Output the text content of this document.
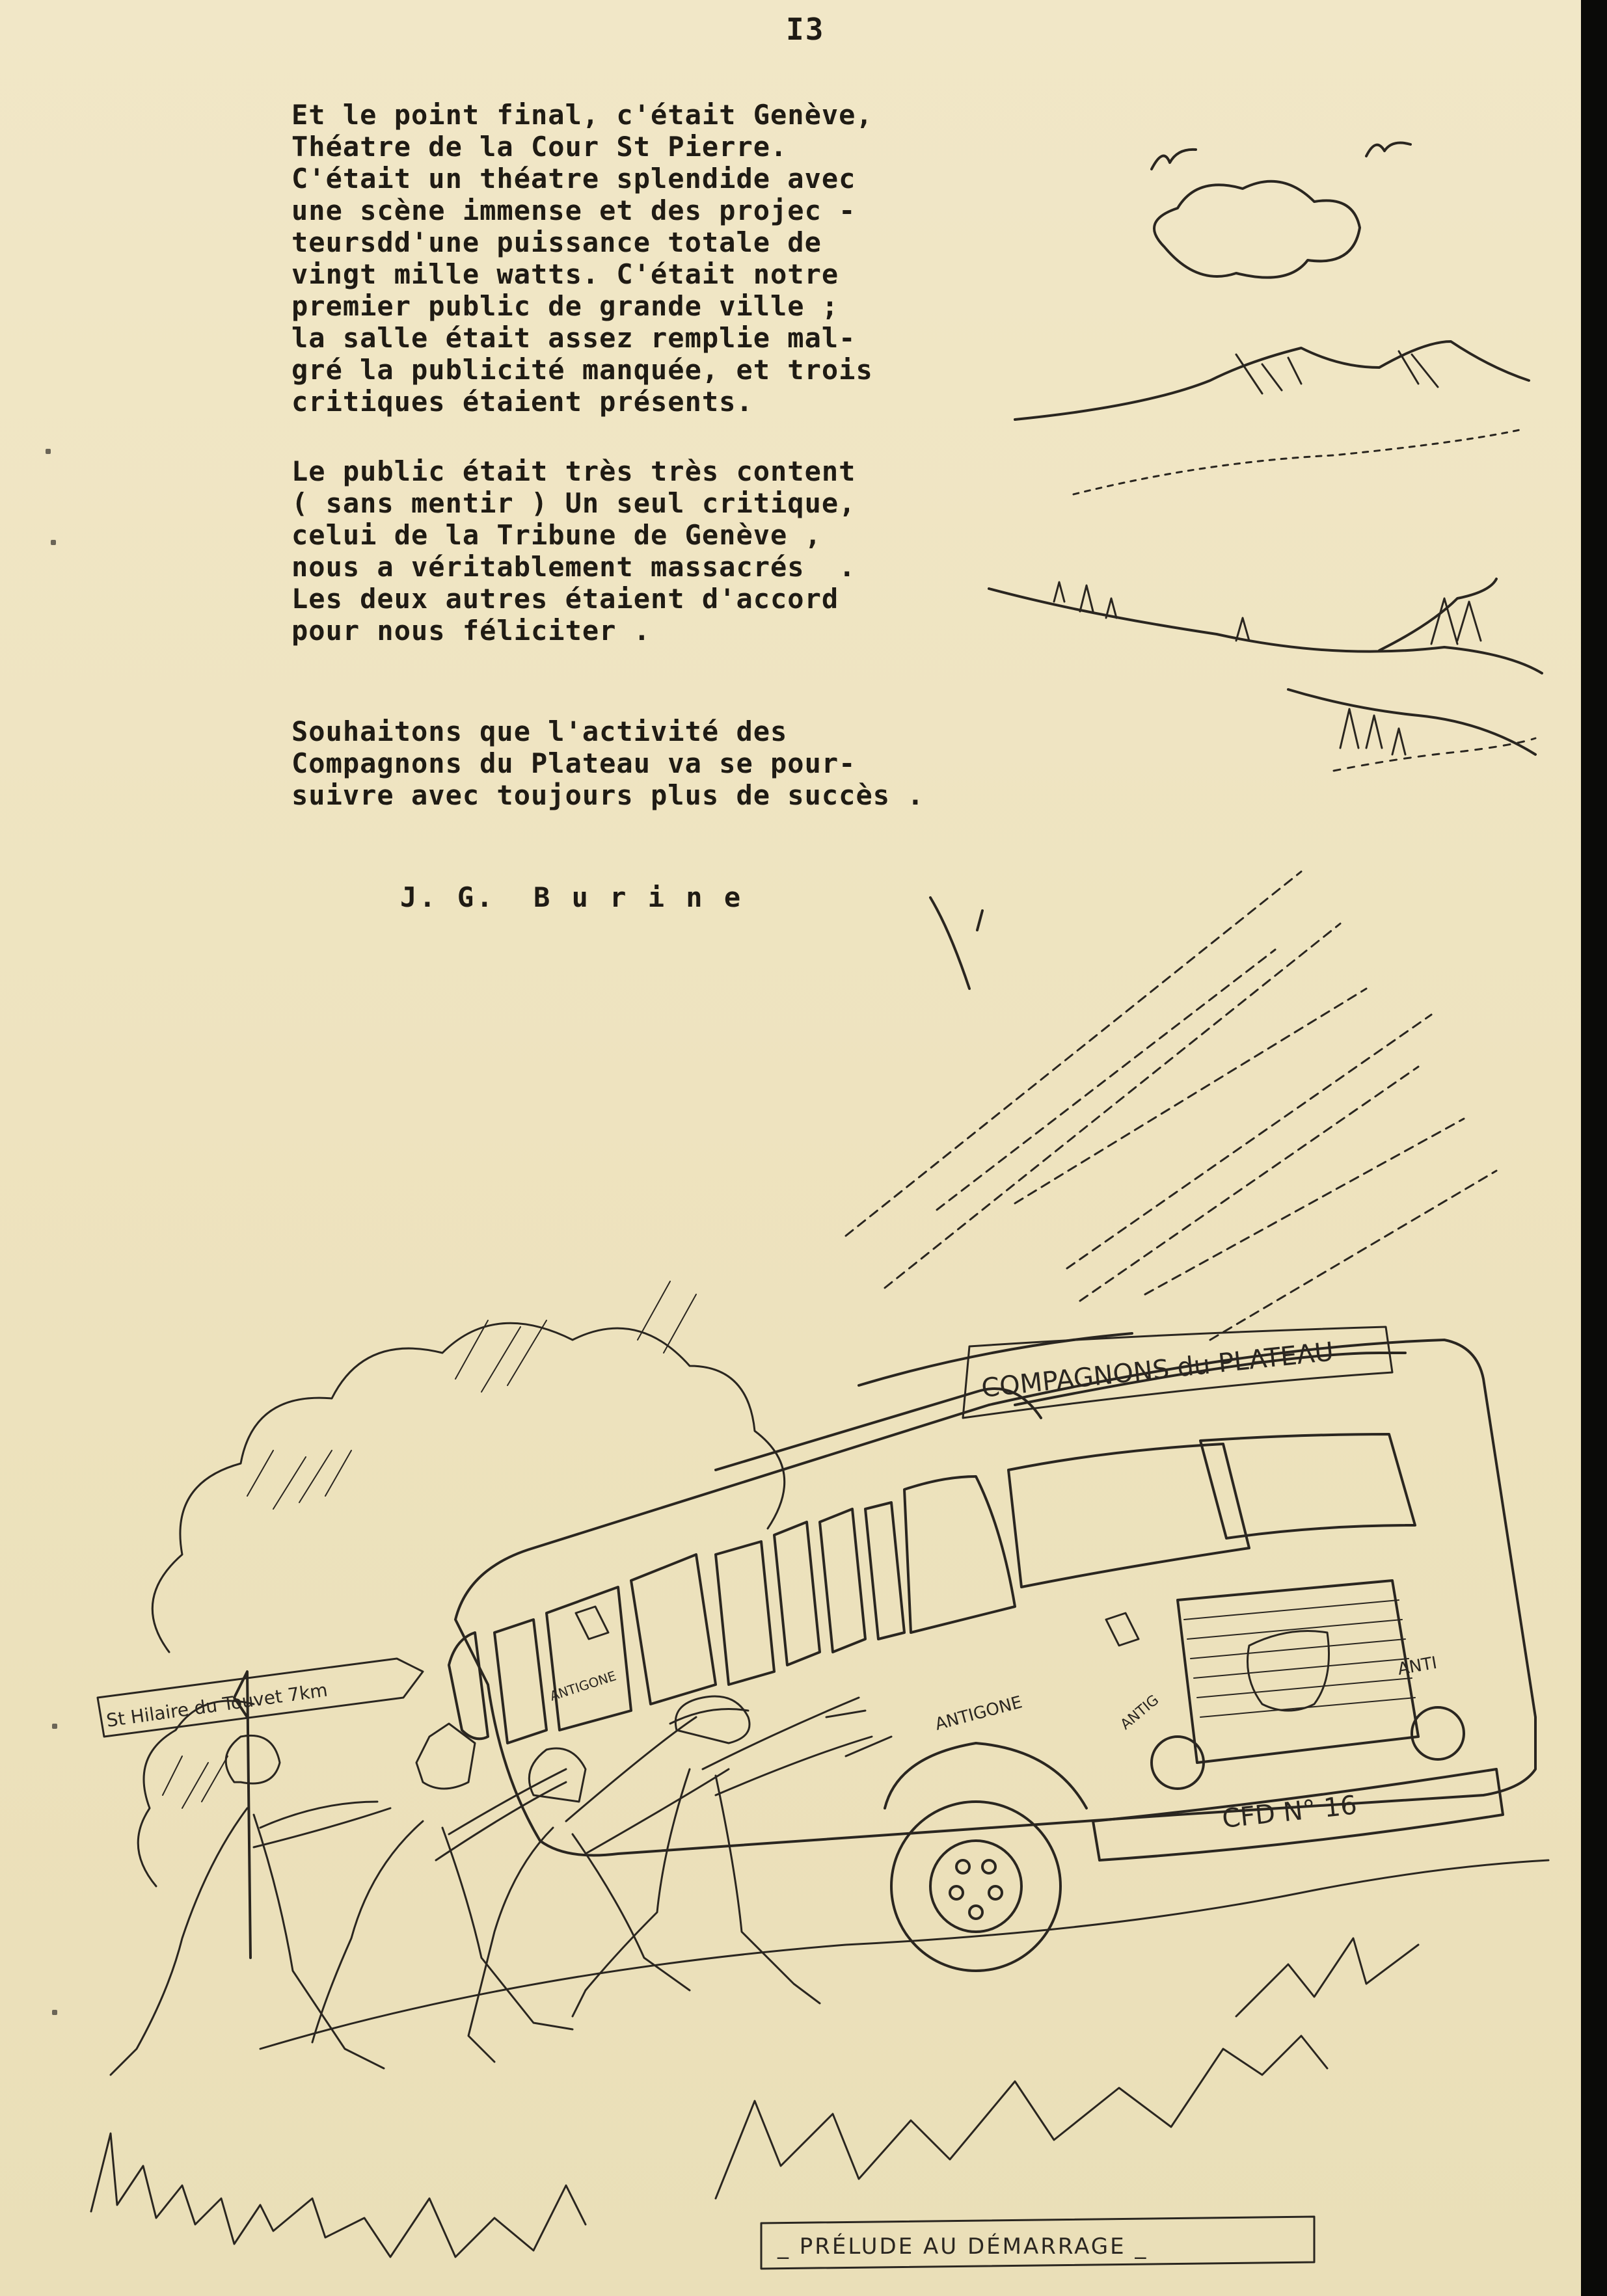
I3
Et le point final, c'était Genève,
Théatre de la Cour St Pierre.
C'était un théatre splendide avec
une scène immense et des projec -
teursdd'une puissance totale de
vingt mille watts. C'était notre
premier public de grande ville ;
la salle était assez remplie mal-
gré la publicité manquée, et trois
critiques étaient présents.
Le public était très très content
( sans mentir ) Un seul critique,
celui de la Tribune de Genève ,
nous a véritablement massacrés  .
Les deux autres étaient d'accord
pour nous féliciter .
Souhaitons que l'activité des
Compagnons du Plateau va se pour-
suivre avec toujours plus de succès .
J. G.  B u r i n e
COMPAGNONS du PLATEAU
CFD N° 16
ANTIGONE
ANTIGONE	ANTIG
ANTI
St Hilaire du Touvet 7km
_ PRÉLUDE AU DÉMARRAGE _
